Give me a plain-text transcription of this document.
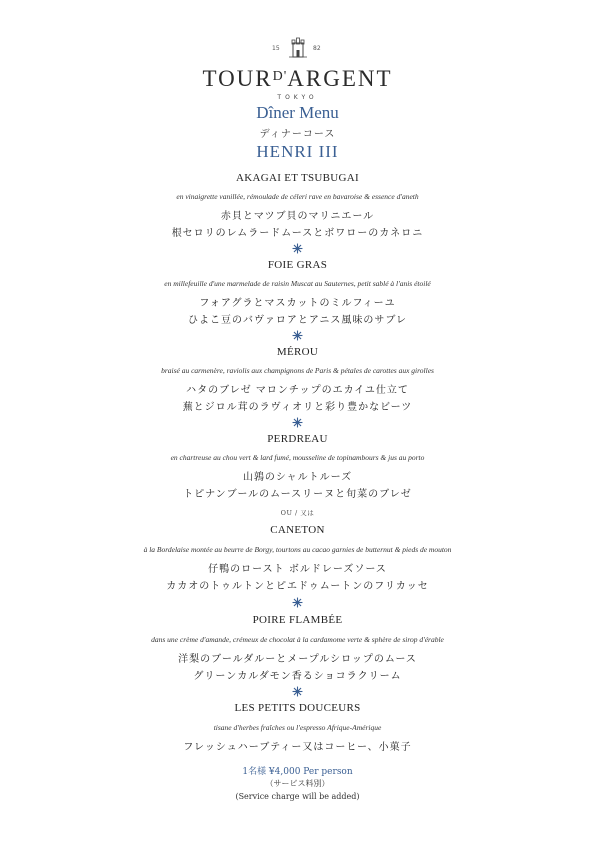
15	82
$TOUR^{D'}ARGENT$
TOKYO
Dîner Menu
ディナーコース
HENRI III
AKAGAI ET TSUBUGAI
en vinaigrette vanillée, rémoulade de céleri rave en bavaroise & essence d'aneth
赤貝とマツブ貝のマリニエール
根セロリのレムラードムースとボワローのカネロニ
FOIE GRAS
en millefeuille d'une marmelade de raisin Muscat au Sauternes, petit sablé à l'anis étoilé
フォアグラとマスカットのミルフィーユ
ひよこ豆のバヴァロアとアニス風味のサブレ
MÉROU
braisé au carmenère, raviolis aux champignons de Paris & pétales de carottes aux girolles
ハタのブレゼ マロンチップのエカイユ仕立て
蕪とジロル茸のラヴィオリと彩り豊かなビーツ
PERDREAU
en chartreuse au chou vert & lard fumé, mousseline de topinambours & jus au porto
山鶉のシャルトルーズ
トピナンブールのムースリーヌと旬菜のブレゼ
OU / 又は
CANETON
à la Bordelaise montée au beurre de Borgy, tourtons au cacao garnies de butternut & pieds de mouton
仔鴨のロースト ボルドレーズソース
カカオのトゥルトンとピエドゥムートンのフリカッセ
POIRE FLAMBÉE
dans une crème d'amande, crémeux de chocolat à la cardamome verte & sphère de sirop d'érable
洋梨のブールダルーとメープルシロップのムース
グリーンカルダモン香るショコラクリーム
LES PETITS DOUCEURS
tisane d'herbes fraîches ou l'espresso Afrique-Amérique
フレッシュハーブティー又はコーヒー、小菓子
1名様 ¥4,000 Per person
（サービス料別）
(Service charge will be added)
